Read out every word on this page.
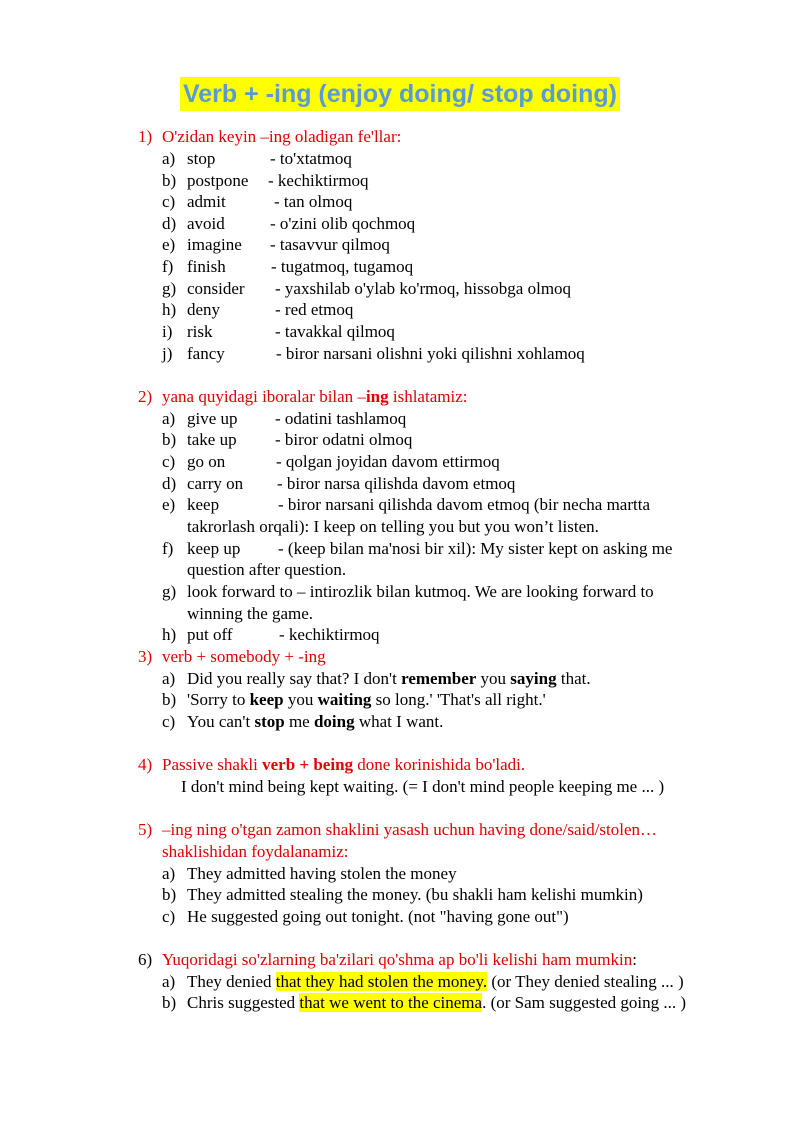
Verb + -ing (enjoy doing/ stop doing)
1) O'zidan keyin –ing oladigan fe'llar:
a) stop	- to'xtatmoq
b) postpone - kechiktirmoq
c) admit	- tan olmoq
d) avoid	- o'zini olib qochmoq
e) imagine - tasavvur qilmoq
f) finish	- tugatmoq, tugamoq
g) consider - yaxshilab o'ylab ko'rmoq, hissobga olmoq
h) deny	- red etmoq
i) risk	- tavakkal qilmoq
j) fancy	- biror narsani olishni yoki qilishni xohlamoq
2) yana quyidagi iboralar bilan –ing ishlatamiz:
a) give up - odatini tashlamoq
b) take up - biror odatni olmoq
c) go on	- qolgan joyidan davom ettirmoq
d) carry on - biror narsa qilishda davom etmoq
e) keep	- biror narsani qilishda davom etmoq (bir necha martta
takrorlash orqali): I keep on telling you but you won’t listen.
f) keep up - (keep bilan ma'nosi bir xil): My sister kept on asking me
question after question.
g) look forward to – intirozlik bilan kutmoq. We are looking forward to
winning the game.
h) put off	- kechiktirmoq
3) verb + somebody + -ing
a) Did you really say that? I don't remember you saying that.
b) 'Sorry to keep you waiting so long.' 'That's all right.'
c) You can't stop me doing what I want.
4) Passive shakli verb + being done korinishida bo'ladi.
I don't mind being kept waiting. (= I don't mind people keeping me ... )
5) –ing ning o'tgan zamon shaklini yasash uchun having done/said/stolen…
shaklishidan foydalanamiz:
a) They admitted having stolen the money
b) They admitted stealing the money. (bu shakli ham kelishi mumkin)
c) He suggested going out tonight. (not "having gone out")
6) Yuqoridagi so'zlarning ba'zilari qo'shma ap bo'li kelishi ham mumkin:
a) They denied that they had stolen the money. (or They denied stealing ... )
b) Chris suggested that we went to the cinema. (or Sam suggested going ... )
